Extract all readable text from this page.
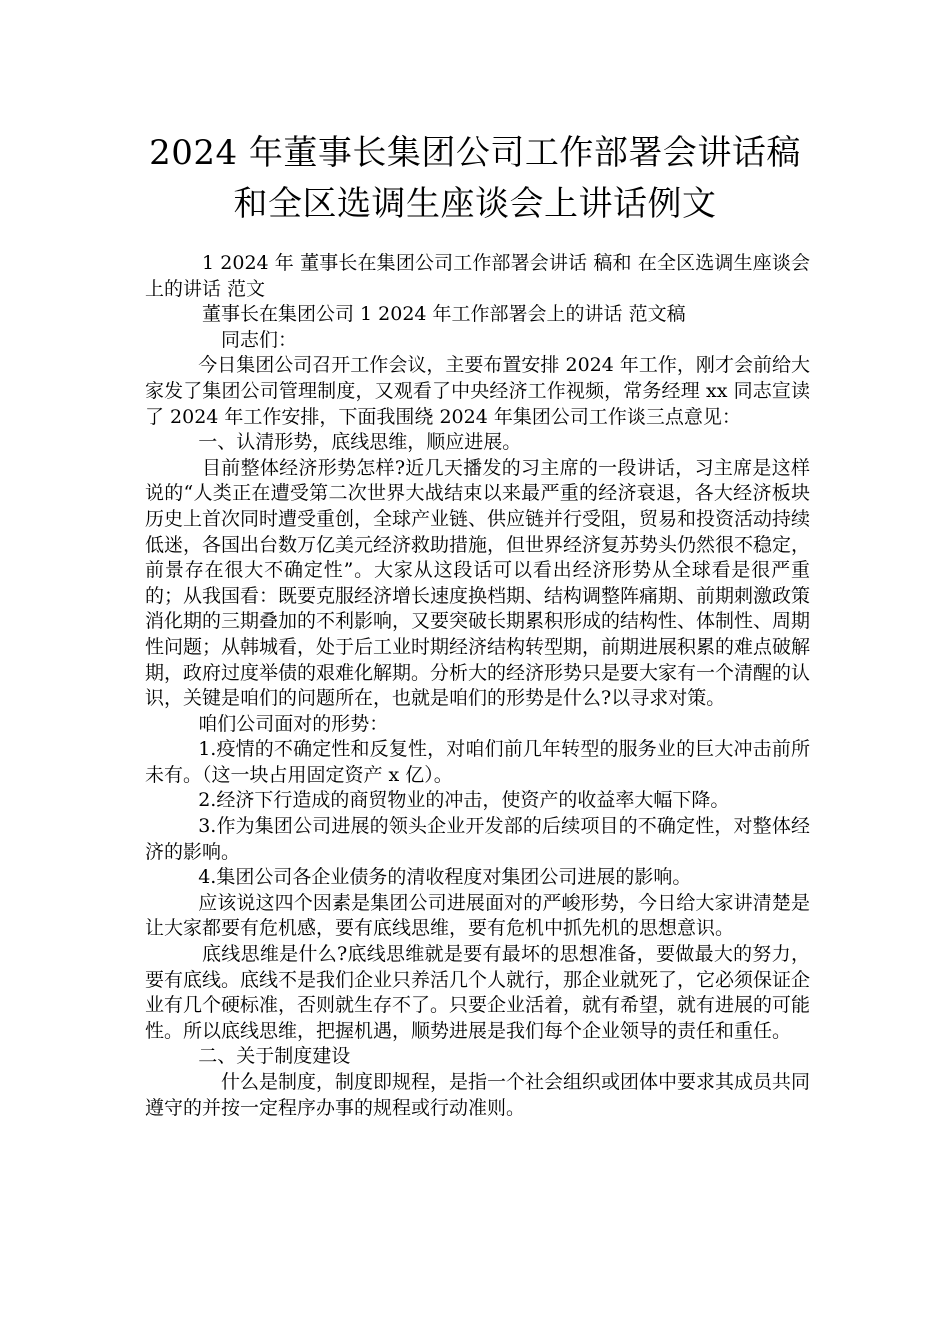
2024 年董事长集团公司工作部署会讲话稿
和全区选调生座谈会上讲话例文

1 2024 年 董事长在集团公司工作部署会讲话 稿和 在全区选调生座谈会上的讲话 范文

董事长在集团公司 1 2024 年工作部署会上的讲话 范文稿

同志们：

今日集团公司召开工作会议，主要布置安排 2024 年工作，刚才会前给大家发了集团公司管理制度，又观看了中央经济工作视频，常务经理 xx 同志宣读了 2024 年工作安排，下面我围绕 2024 年集团公司工作谈三点意见：

一、认清形势，底线思维，顺应进展。

目前整体经济形势怎样?近几天播发的习主席的一段讲话，习主席是这样说的“人类正在遭受第二次世界大战结束以来最严重的经济衰退，各大经济板块历史上首次同时遭受重创，全球产业链、供应链并行受阻，贸易和投资活动持续低迷，各国出台数万亿美元经济救助措施，但世界经济复苏势头仍然很不稳定，前景存在很大不确定性”。大家从这段话可以看出经济形势从全球看是很严重的；从我国看：既要克服经济增长速度换档期、结构调整阵痛期、前期刺激政策消化期的三期叠加的不利影响，又要突破长期累积形成的结构性、体制性、周期性问题；从韩城看，处于后工业时期经济结构转型期，前期进展积累的难点破解期，政府过度举债的艰难化解期。分析大的经济形势只是要大家有一个清醒的认识，关键是咱们的问题所在，也就是咱们的形势是什么?以寻求对策。

咱们公司面对的形势：

1.疫情的不确定性和反复性，对咱们前几年转型的服务业的巨大冲击前所未有。（这一块占用固定资产 x 亿）。

2.经济下行造成的商贸物业的冲击，使资产的收益率大幅下降。

3.作为集团公司进展的领头企业开发部的后续项目的不确定性，对整体经济的影响。

4.集团公司各企业债务的清收程度对集团公司进展的影响。

应该说这四个因素是集团公司进展面对的严峻形势，今日给大家讲清楚是让大家都要有危机感，要有底线思维，要有危机中抓先机的思想意识。

底线思维是什么?底线思维就是要有最坏的思想准备，要做最大的努力，要有底线。底线不是我们企业只养活几个人就行，那企业就死了，它必须保证企业有几个硬标准，否则就生存不了。只要企业活着，就有希望，就有进展的可能性。所以底线思维，把握机遇，顺势进展是我们每个企业领导的责任和重任。

二、关于制度建设

什么是制度，制度即规程，是指一个社会组织或团体中要求其成员共同遵守的并按一定程序办事的规程或行动准则。
